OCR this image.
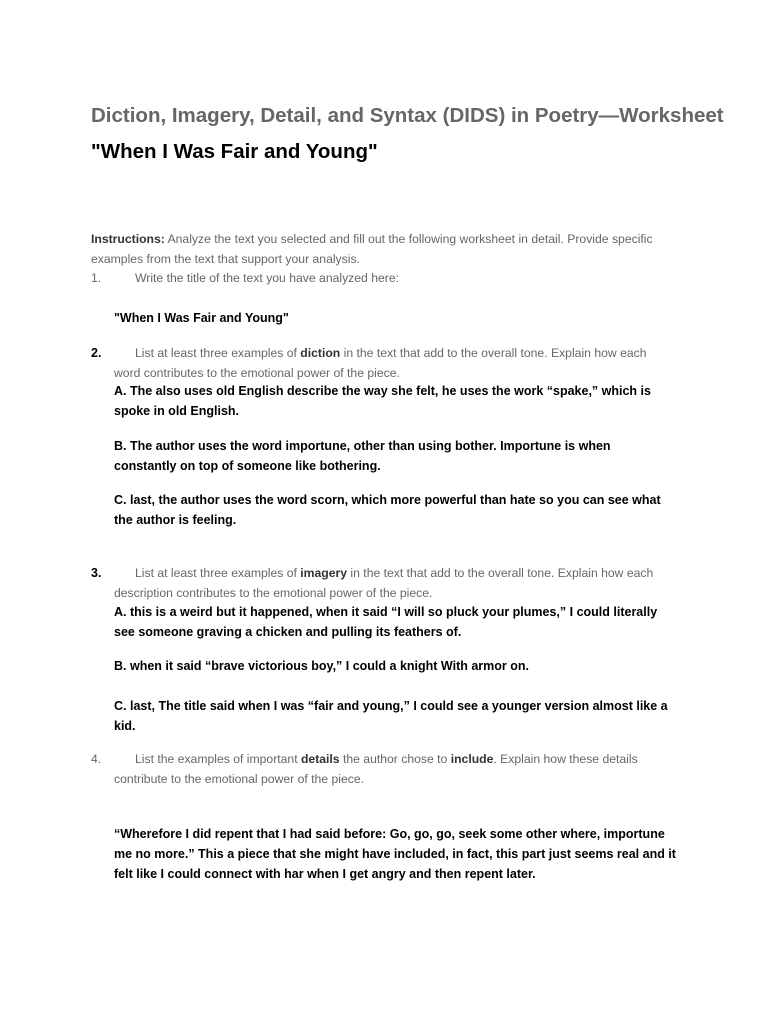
Diction, Imagery, Detail, and Syntax (DIDS) in Poetry—Worksheet "When I Was Fair and Young"
Instructions: Analyze the text you selected and fill out the following worksheet in detail. Provide specific examples from the text that support your analysis.
1.	Write the title of the text you have analyzed here:
"When I Was Fair and Young"
2.	List at least three examples of diction in the text that add to the overall tone. Explain how each word contributes to the emotional power of the piece.
A. The also uses old English describe the way she felt, he uses the work “spake,” which is spoke in old English.
B. The author uses the word importune, other than using bother. Importune is when constantly on top of someone like bothering.
C. last, the author uses the word scorn, which more powerful than hate so you can see what the author is feeling.
3.	List at least three examples of imagery in the text that add to the overall tone. Explain how each description contributes to the emotional power of the piece.
A. this is a weird but it happened, when it said “I will so pluck your plumes,” I could literally see someone graving a chicken and pulling its feathers of.
B. when it said “brave victorious boy,” I could a knight With armor on.
C. last, The title said when I was “fair and young,” I could see a younger version almost like a kid.
4.	List the examples of important details the author chose to include. Explain how these details contribute to the emotional power of the piece.
“Wherefore I did repent that I had said before: Go, go, go, seek some other where, importune me no more.” This a piece that she might have included, in fact, this part just seems real and it felt like I could connect with har when I get angry and then repent later.
